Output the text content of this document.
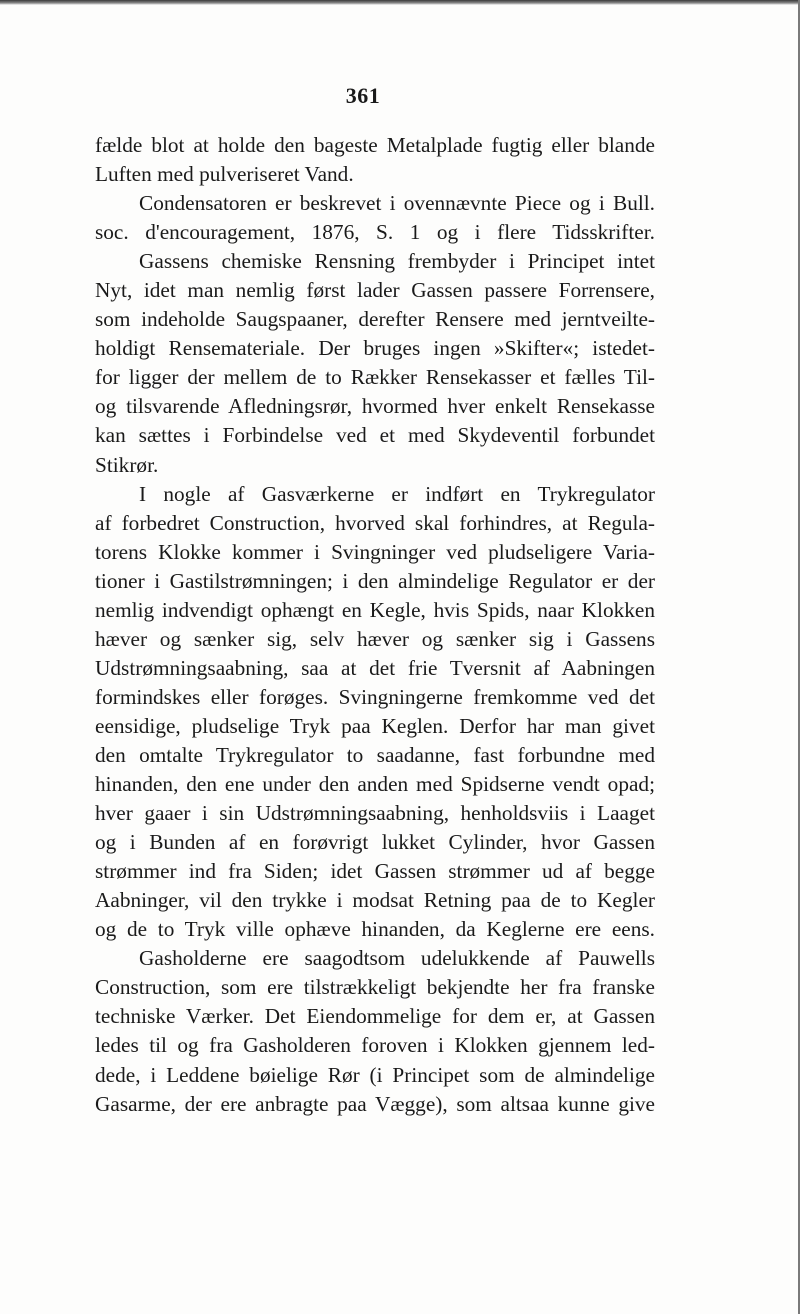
361
fælde blot at holde den bageste Metalplade fugtig eller blande
Luften med pulveriseret Vand.
Condensatoren er beskrevet i ovennævnte Piece og i Bull.
soc. d'encouragement, 1876, S. 1 og i flere Tidsskrifter.
Gassens chemiske Rensning frembyder i Principet intet
Nyt, idet man nemlig først lader Gassen passere Forrensere,
som indeholde Saugspaaner, derefter Rensere med jerntveilte-
holdigt Rensemateriale. Der bruges ingen »Skifter«; istedet-
for ligger der mellem de to Rækker Rensekasser et fælles Til-
og tilsvarende Afledningsrør, hvormed hver enkelt Rensekasse
kan sættes i Forbindelse ved et med Skydeventil forbundet
Stikrør.
I nogle af Gasværkerne er indført en Trykregulator
af forbedret Construction, hvorved skal forhindres, at Regula-
torens Klokke kommer i Svingninger ved pludseligere Varia-
tioner i Gastilstrømningen; i den almindelige Regulator er der
nemlig indvendigt ophængt en Kegle, hvis Spids, naar Klokken
hæver og sænker sig, selv hæver og sænker sig i Gassens
Udstrømningsaabning, saa at det frie Tversnit af Aabningen
formindskes eller forøges. Svingningerne fremkomme ved det
eensidige, pludselige Tryk paa Keglen. Derfor har man givet
den omtalte Trykregulator to saadanne, fast forbundne med
hinanden, den ene under den anden med Spidserne vendt opad;
hver gaaer i sin Udstrømningsaabning, henholdsviis i Laaget
og i Bunden af en forøvrigt lukket Cylinder, hvor Gassen
strømmer ind fra Siden; idet Gassen strømmer ud af begge
Aabninger, vil den trykke i modsat Retning paa de to Kegler
og de to Tryk ville ophæve hinanden, da Keglerne ere eens.
Gasholderne ere saagodtsom udelukkende af Pauwells
Construction, som ere tilstrækkeligt bekjendte her fra franske
techniske Værker. Det Eiendommelige for dem er, at Gassen
ledes til og fra Gasholderen foroven i Klokken gjennem led-
dede, i Leddene bøielige Rør (i Principet som de almindelige
Gasarme, der ere anbragte paa Vægge), som altsaa kunne give
